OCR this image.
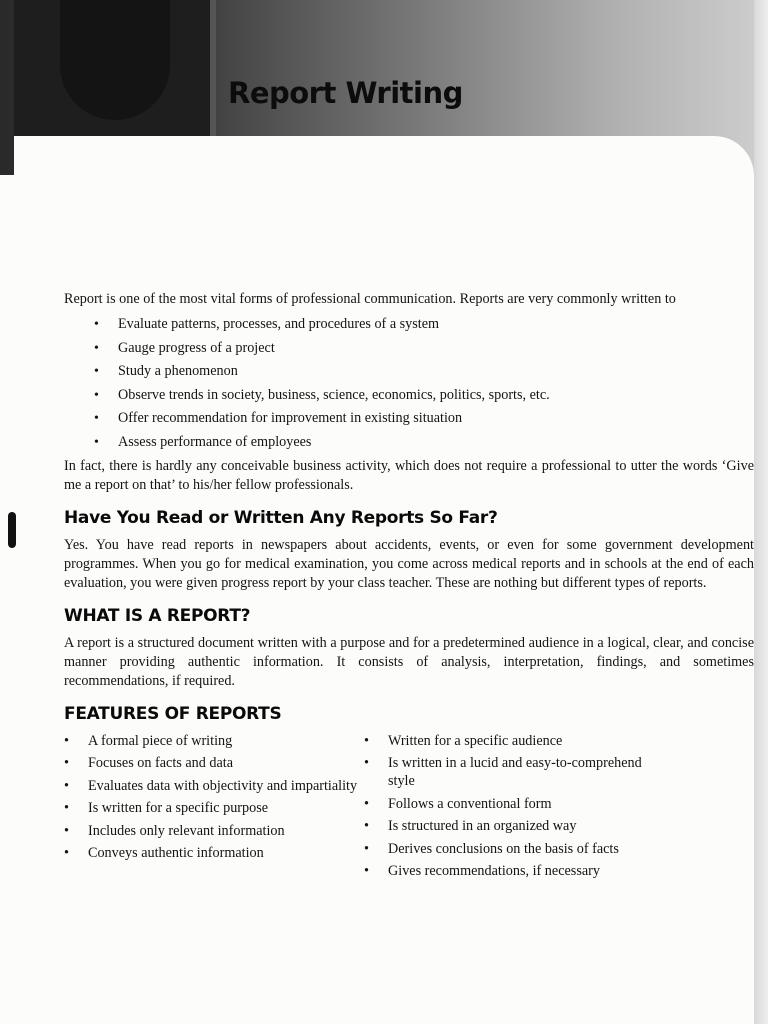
Report Writing

Report is one of the most vital forms of professional communication. Reports are very commonly written to

• Evaluate patterns, processes, and procedures of a system
• Gauge progress of a project
• Study a phenomenon
• Observe trends in society, business, science, economics, politics, sports, etc.
• Offer recommendation for improvement in existing situation
• Assess performance of employees

In fact, there is hardly any conceivable business activity, which does not require a professional to utter the words ‘Give me a report on that’ to his/her fellow professionals.

Have You Read or Written Any Reports So Far?

Yes. You have read reports in newspapers about accidents, events, or even for some government development programmes. When you go for medical examination, you come across medical reports and in schools at the end of each evaluation, you were given progress report by your class teacher. These are nothing but different types of reports.

WHAT IS A REPORT?

A report is a structured document written with a purpose and for a predetermined audience in a logical, clear, and concise manner providing authentic information. It consists of analysis, interpretation, findings, and sometimes recommendations, if required.

FEATURES OF REPORTS
• A formal piece of writing
• Focuses on facts and data
• Evaluates data with objectivity and impartiality
• Is written for a specific purpose
• Includes only relevant information
• Conveys authentic information
• Written for a specific audience
• Is written in a lucid and easy-to-comprehend style
• Follows a conventional form
• Is structured in an organized way
• Derives conclusions on the basis of facts
• Gives recommendations, if necessary
